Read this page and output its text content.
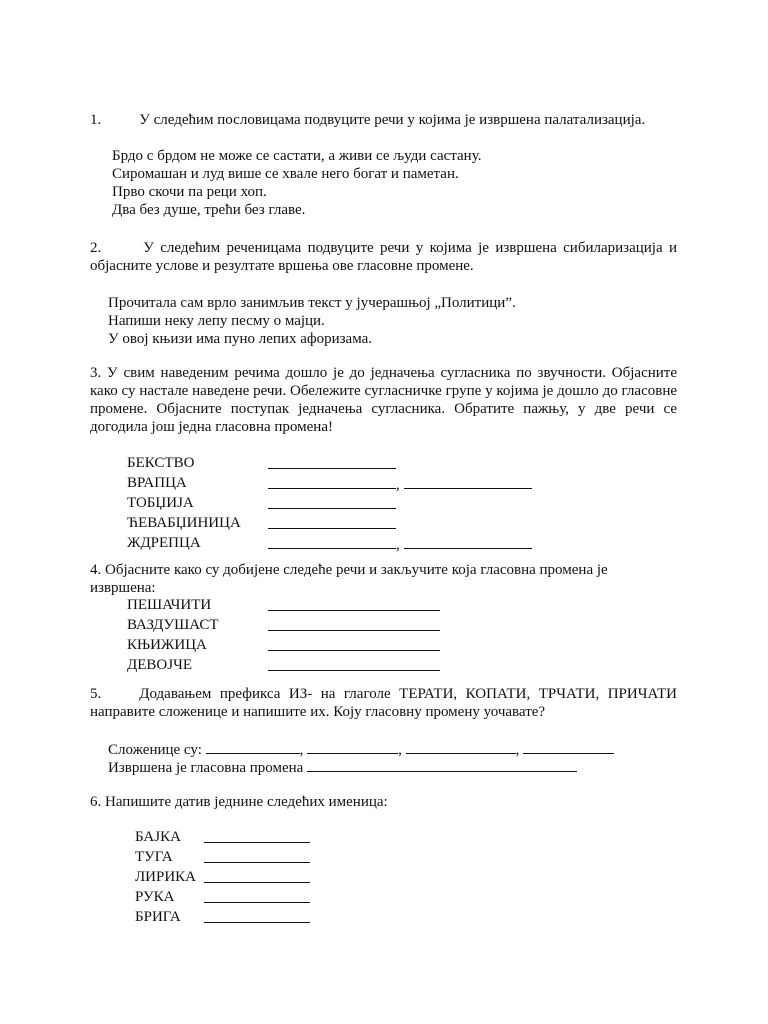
1.	У следећим пословицама подвуците речи у којима је извршена палатализација.
Брдо с брдом не може се састати, а живи се људи састану.
Сиромашан и луд више се хвале него богат и паметан.
Прво скочи па реци хоп.
Два без душе, трећи без главе.
2.	У следећим реченицама подвуците речи у којима је извршена сибиларизација и објасните услове и резултате вршења ове гласовне промене.
Прочитала сам врло занимљив текст у јучерашњој „Политици”.
Напиши неку лепу песму о мајци.
У овој књизи има пуно лепих афоризама.
3. У свим наведеним речима дошло је до једначења сугласника по звучности. Објасните како су настале наведене речи. Обележите сугласничке групе у којима је дошло до гласовне промене. Објасните поступак једначења сугласника. Обратите пажњу, у две речи се догодила још једна гласовна промена!
БЕКСТВО	
ВРАПЦА	,
ТОБЏИЈА	
ЋЕВАБЏИНИЦА	
ЖДРЕПЦА	,
4. Објасните како су добијене следеће речи и закључите која гласовна промена је извршена:
ПЕШАЧИТИ	
ВАЗДУШАСТ	
КЊИЖИЦА	
ДЕВОЈЧЕ	
5.	Додавањем префикса ИЗ- на глаголе ТЕРАТИ, КОПАТИ, ТРЧАТИ, ПРИЧАТИ направите сложенице и напишите их. Коју гласовну промену уочавате?
Сложенице су:	,	,	,
Извршена је гласовна промена
6. Напишите датив једнине следећих именица:
БАЈКА	
ТУГА	
ЛИРИКА	
РУКА	
БРИГА	
